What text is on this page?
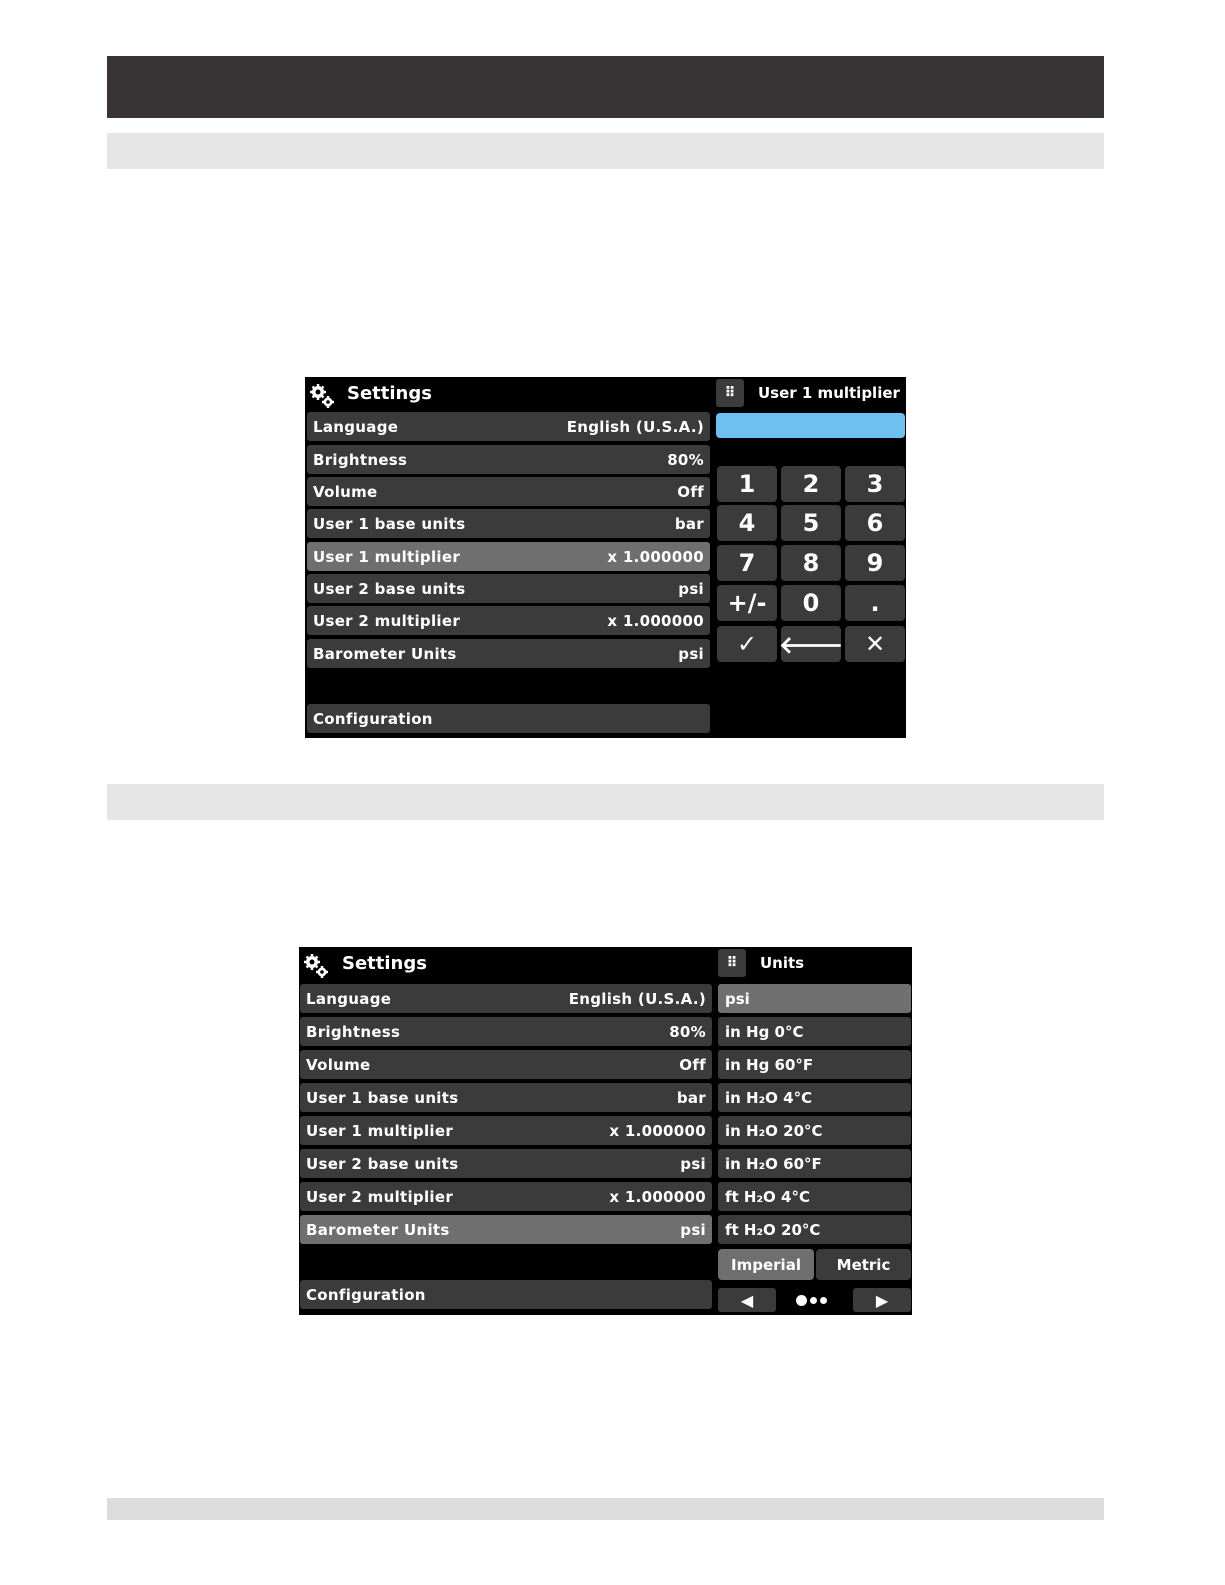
Settings
Language	English (U.S.A.)
Brightness	80%
Volume	Off
User 1 base units	bar
User 1 multiplier	x 1.000000
User 2 base units	psi
User 2 multiplier	x 1.000000
Barometer Units	psi
Configuration
⠿	User 1 multiplier
1	2	3
4	5	6
7	8	9
+/-	0	.
✓ 🡐 ✕
Settings
Language	English (U.S.A.)
Brightness	80%
Volume	Off
User 1 base units	bar
User 1 multiplier	x 1.000000
User 2 base units	psi
User 2 multiplier	x 1.000000
Barometer Units	psi
Configuration
⠿	Units
psi
in Hg 0°C
in Hg 60°F
in H₂O 4°C
in H₂O 20°C
in H₂O 60°F
ft H₂O 4°C
ft H₂O 20°C
Imperial	Metric
◀	▶
